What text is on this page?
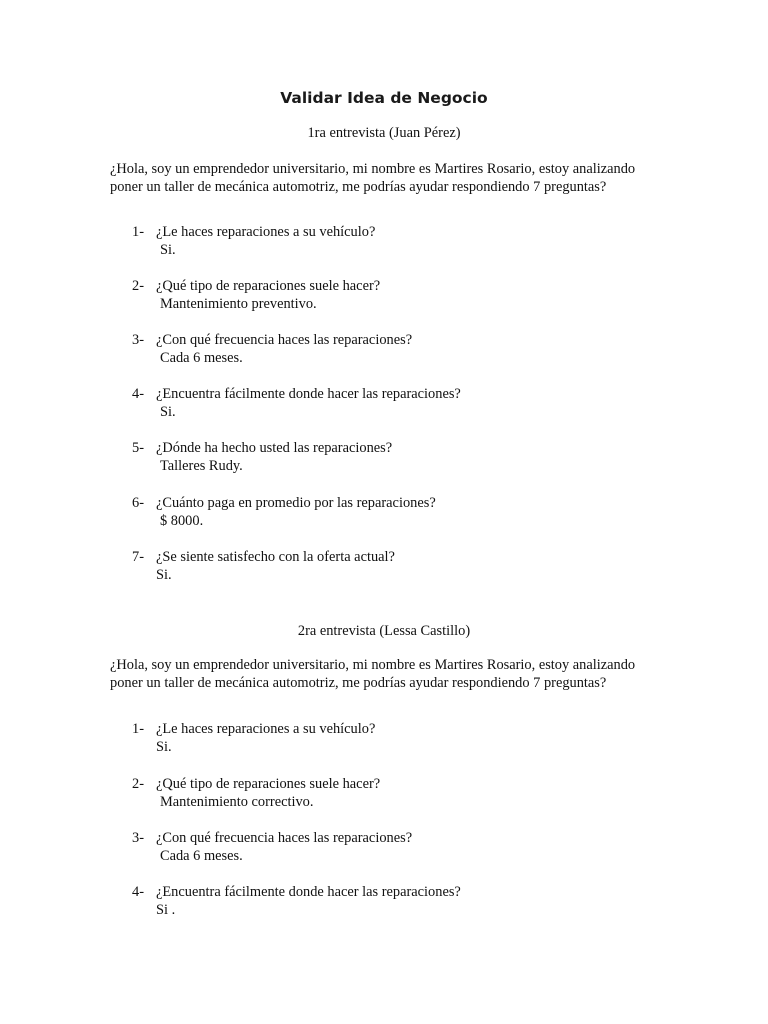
Validar Idea de Negocio
1ra entrevista (Juan Pérez)
¿Hola, soy un emprendedor universitario, mi nombre es Martires Rosario, estoy analizando poner un taller de mecánica automotriz, me podrías ayudar respondiendo 7 preguntas?
1- ¿Le haces reparaciones a su vehículo?
Si.
2- ¿Qué tipo de reparaciones suele hacer?
Mantenimiento preventivo.
3- ¿Con qué frecuencia haces las reparaciones?
Cada 6 meses.
4- ¿Encuentra fácilmente donde hacer las reparaciones?
Si.
5- ¿Dónde ha hecho usted las reparaciones?
Talleres Rudy.
6- ¿Cuánto paga en promedio por las reparaciones?
$ 8000.
7- ¿Se siente satisfecho con la oferta actual?
Si.
2ra entrevista (Lessa Castillo)
¿Hola, soy un emprendedor universitario, mi nombre es Martires Rosario, estoy analizando poner un taller de mecánica automotriz, me podrías ayudar respondiendo 7 preguntas?
1- ¿Le haces reparaciones a su vehículo?
Si.
2- ¿Qué tipo de reparaciones suele hacer?
Mantenimiento correctivo.
3- ¿Con qué frecuencia haces las reparaciones?
Cada 6 meses.
4- ¿Encuentra fácilmente donde hacer las reparaciones?
Si .
